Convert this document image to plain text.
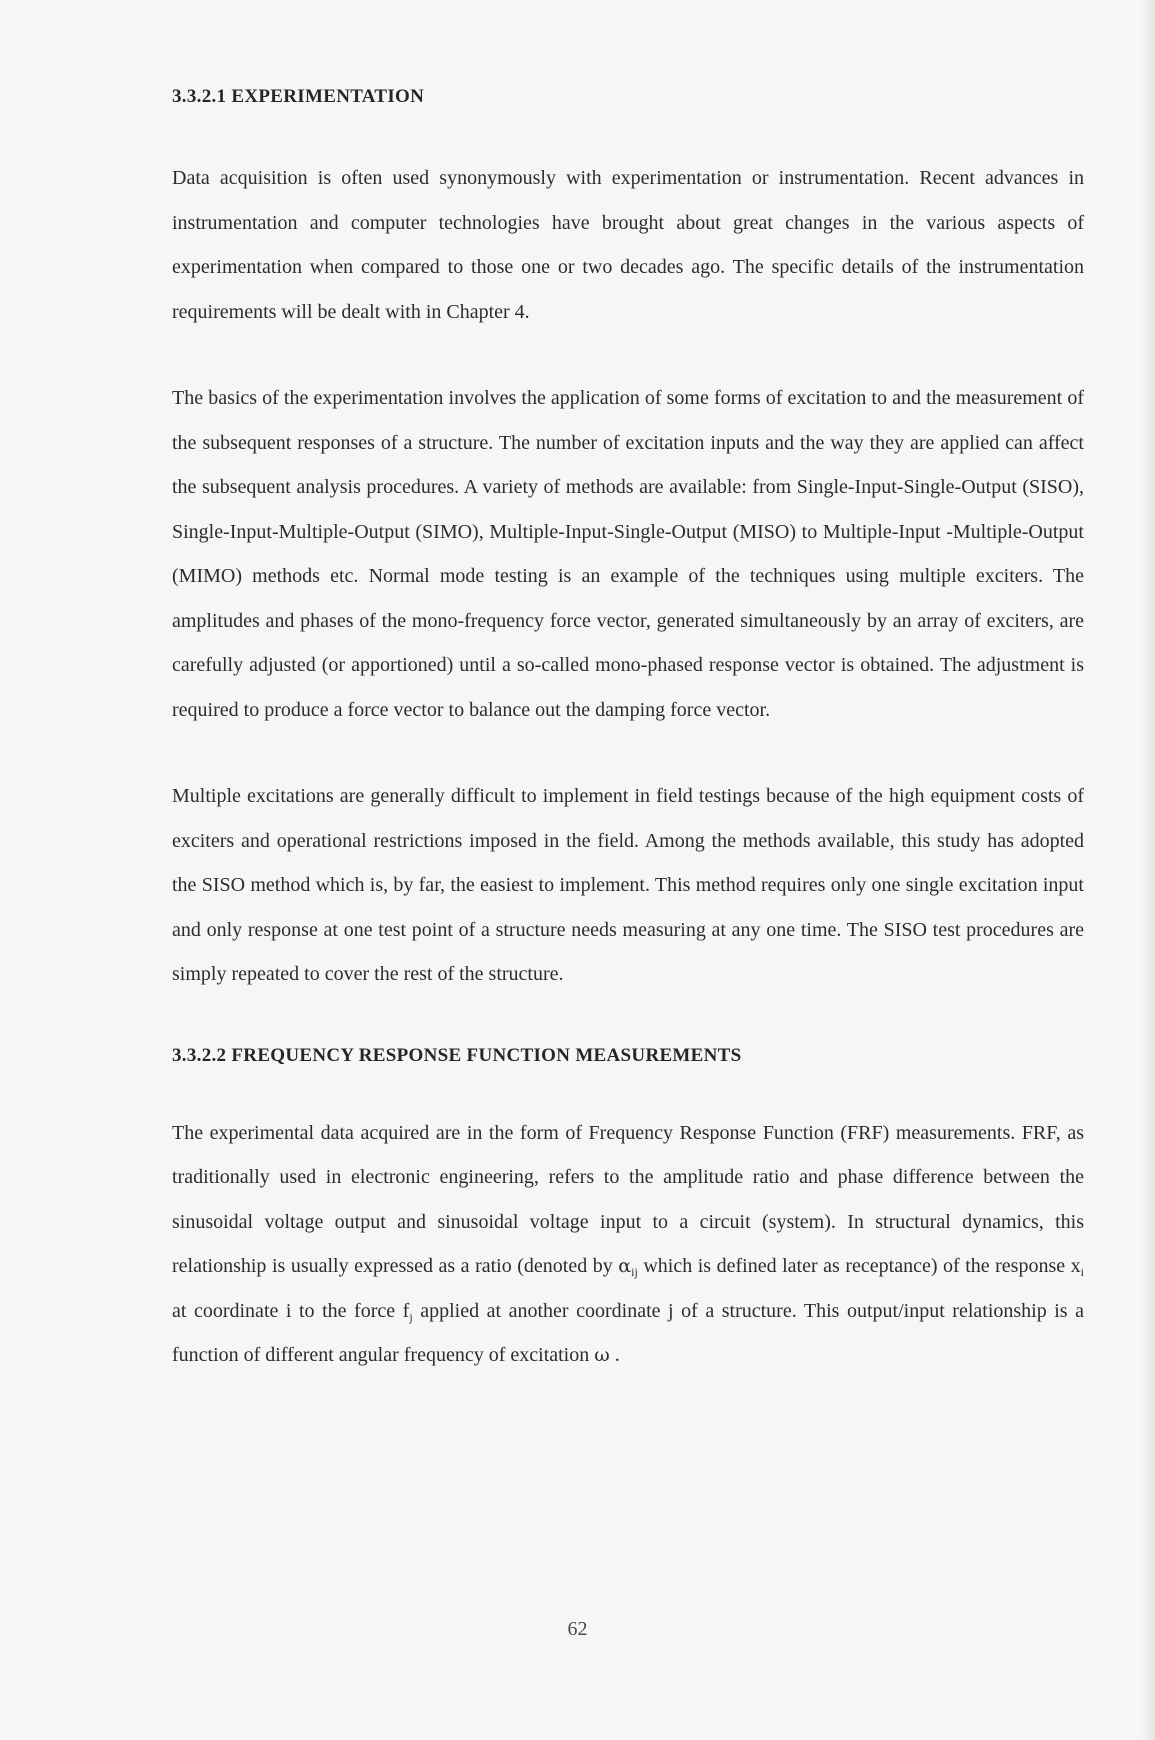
3.3.2.1 EXPERIMENTATION

Data acquisition is often used synonymously with experimentation or instrumentation. Recent advances in instrumentation and computer technologies have brought about great changes in the various aspects of experimentation when compared to those one or two decades ago. The specific details of the instrumentation requirements will be dealt with in Chapter 4.

The basics of the experimentation involves the application of some forms of excitation to and the measurement of the subsequent responses of a structure. The number of excitation inputs and the way they are applied can affect the subsequent analysis procedures. A variety of methods are available: from Single-Input-Single-Output (SISO), Single-Input-Multiple-Output (SIMO), Multiple-Input-Single-Output (MISO) to Multiple-Input -Multiple-Output (MIMO) methods etc. Normal mode testing is an example of the techniques using multiple exciters. The amplitudes and phases of the mono-frequency force vector, generated simultaneously by an array of exciters, are carefully adjusted (or apportioned) until a so-called mono-phased response vector is obtained. The adjustment is required to produce a force vector to balance out the damping force vector.

Multiple excitations are generally difficult to implement in field testings because of the high equipment costs of exciters and operational restrictions imposed in the field. Among the methods available, this study has adopted the SISO method which is, by far, the easiest to implement. This method requires only one single excitation input and only response at one test point of a structure needs measuring at any one time. The SISO test procedures are simply repeated to cover the rest of the structure.

3.3.2.2 FREQUENCY RESPONSE FUNCTION MEASUREMENTS

The experimental data acquired are in the form of Frequency Response Function (FRF) measurements. FRF, as traditionally used in electronic engineering, refers to the amplitude ratio and phase difference between the sinusoidal voltage output and sinusoidal voltage input to a circuit (system). In structural dynamics, this relationship is usually expressed as a ratio (denoted by $\alpha_{ij}$ which is defined later as receptance) of the response $x_i$ at coordinate i to the force $f_j$ applied at another coordinate j of a structure. This output/input relationship is a function of different angular frequency of excitation ω .

62
